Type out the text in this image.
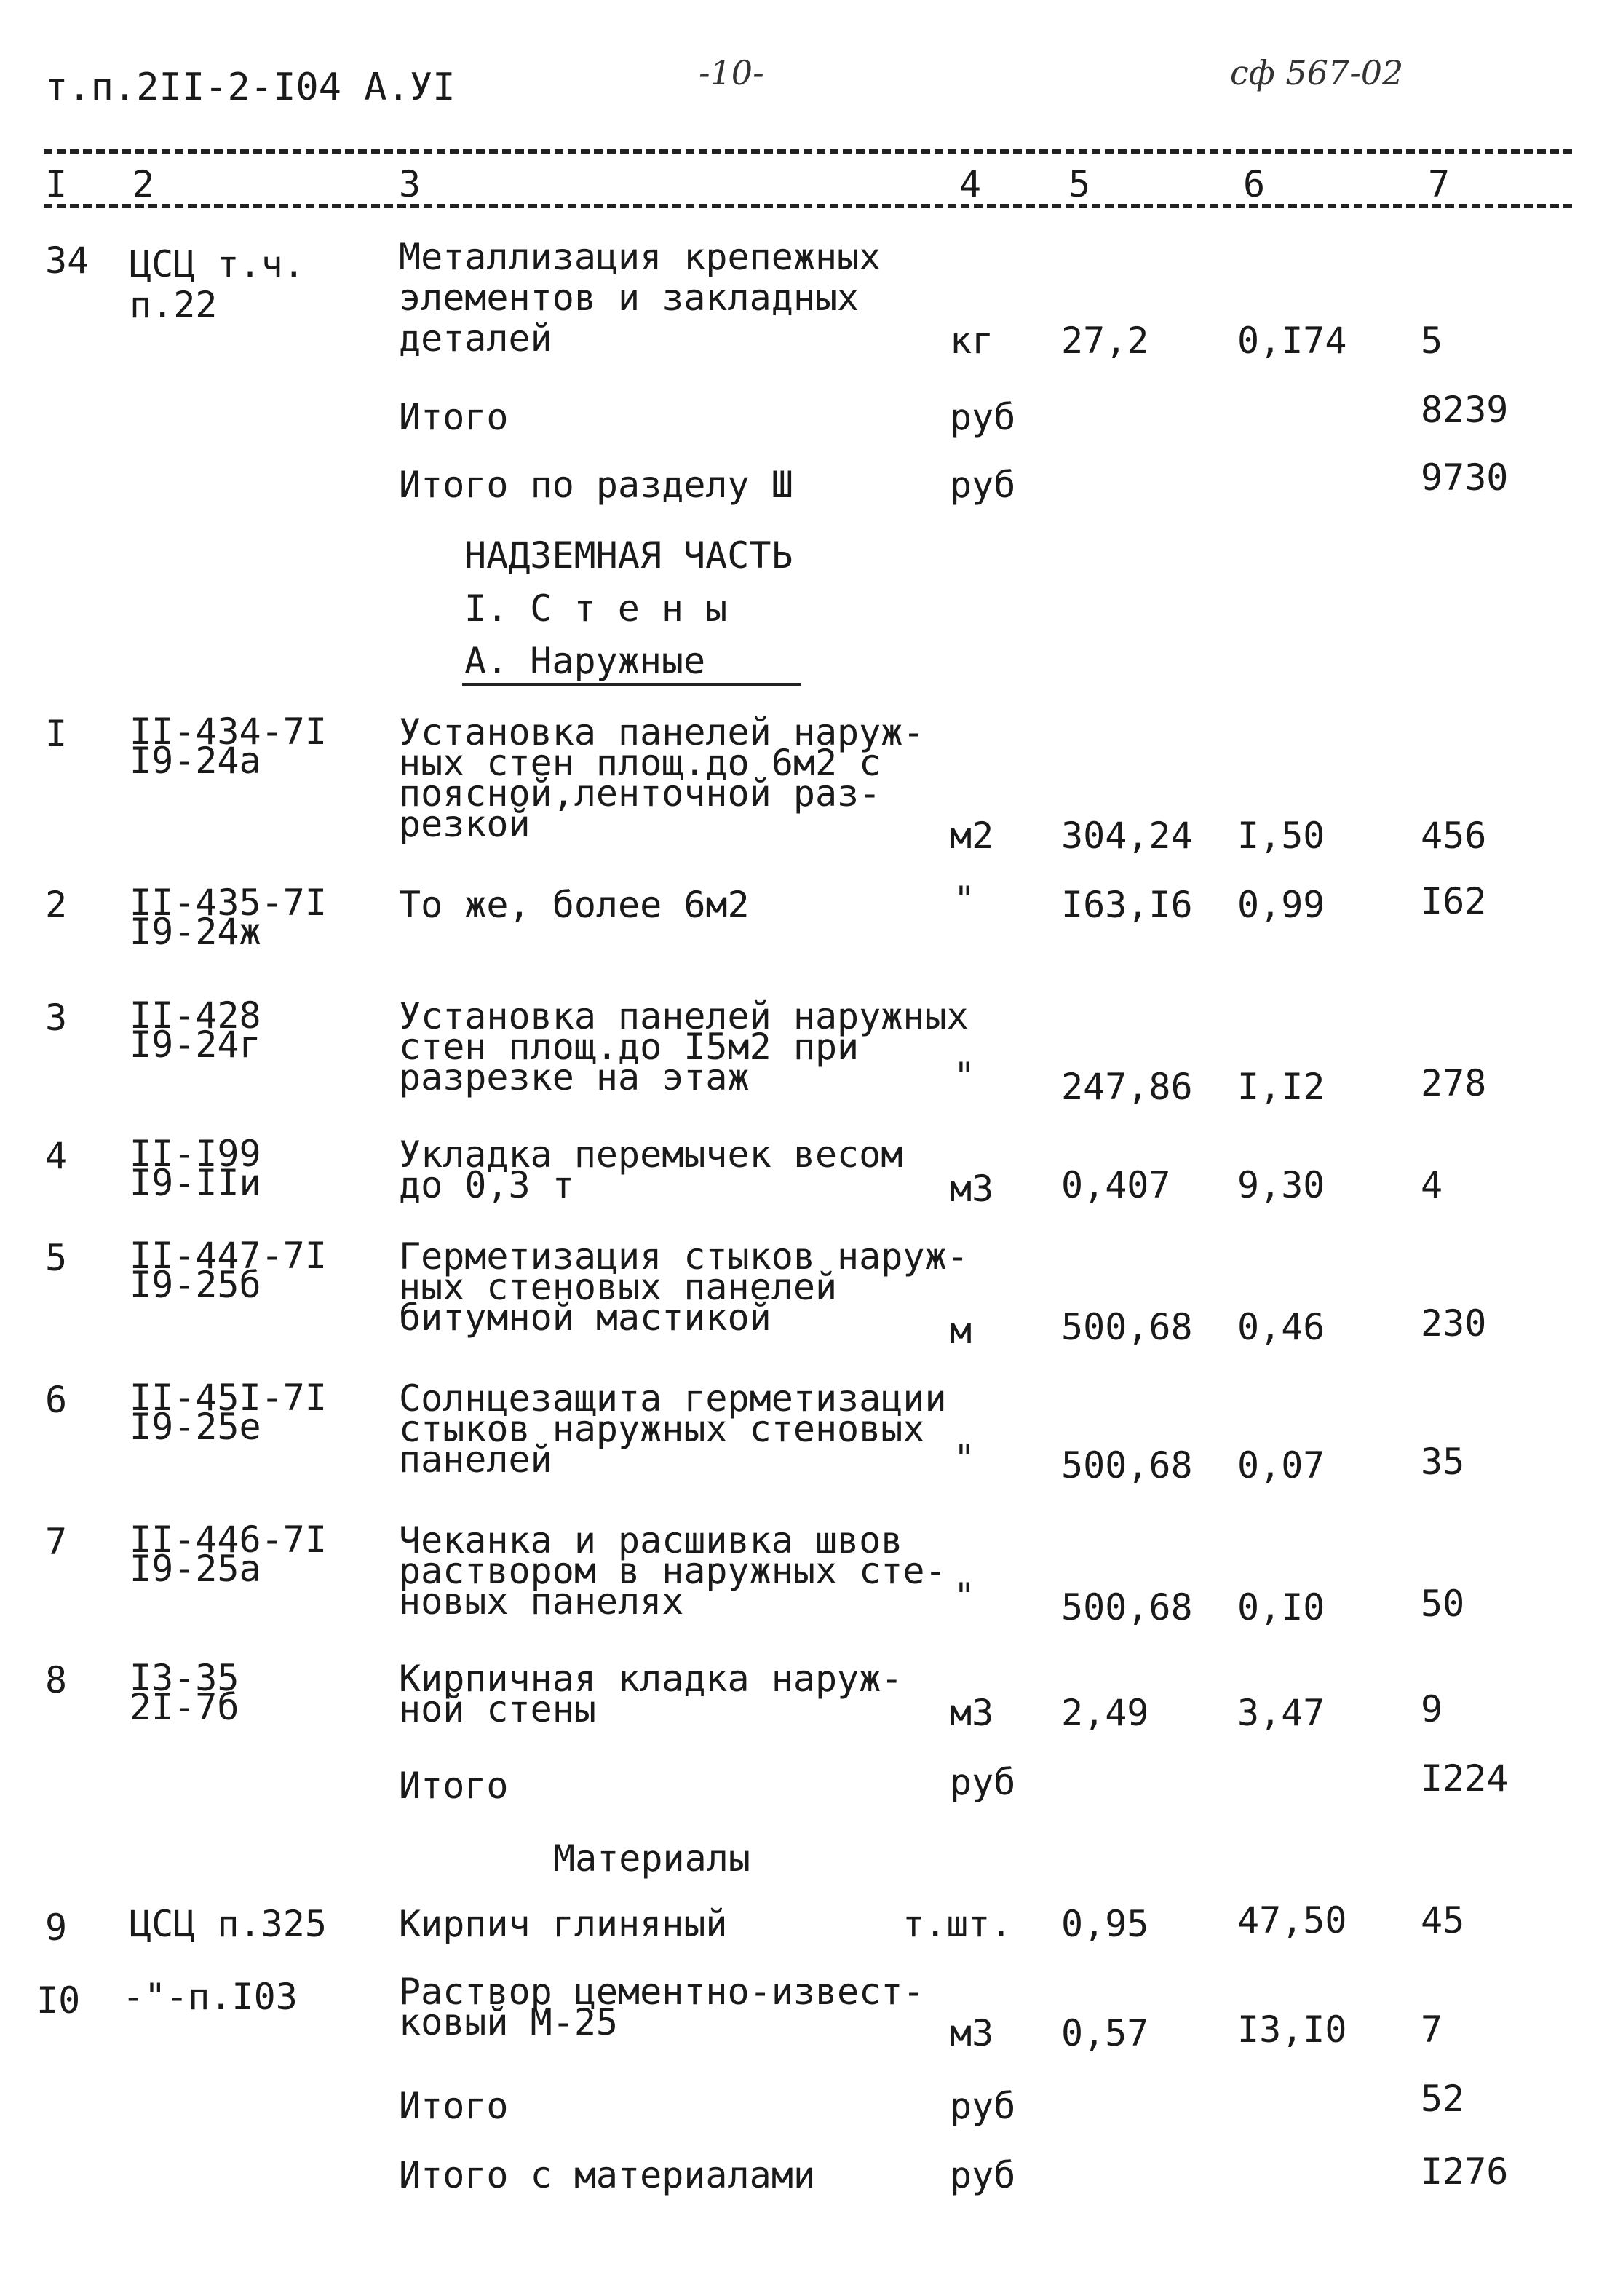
т.п.2II-2-I04 А.УI	-10-	сф 567-02
I 2	3	4 5	6	7
34 ЦСЦ т.ч.
п.22
Металлизация крепежных
элементов и закладных
деталей	кг 27,2 0,I74 5
Итого	руб	8239
Итого по разделу Ш	руб	9730
НАДЗЕМНАЯ ЧАСТЬ
I. С т е н ы
А. Наружные
I II-434-7I
I9-24а
Установка панелей наруж-
ных стен площ.до 6м2 с
поясной,ленточной раз-
резкой	м2 304,24 I,50	456
2 II-435-7I
I9-24ж
То же, более 6м2	" I63,I6 0,99	I62
3 II-428
I9-24г
Установка панелей наружных
стен площ.до I5м2 при
разрезке на этаж	" 247,86 I,I2	278
4 II-I99
I9-IIи
Укладка перемычек весом
до 0,3 т	м3 0,407 9,30	4
5 II-447-7I
I9-25б
Герметизация стыков наруж-
ных стеновых панелей
битумной мастикой	м 500,68 0,46	230
6 II-45I-7I
I9-25е
Солнцезащита герметизации
стыков наружных стеновых
панелей	" 500,68 0,07	35
7 II-446-7I
I9-25а
Чеканка и расшивка швов
раствором в наружных сте-
новых панелях	" 500,68 0,I0	50
8 I3-35
2I-7б
Кирпичная кладка наруж-
ной стены	м3 2,49 3,47	9
Итого	руб	I224
Материалы
9 ЦСЦ п.325 Кирпич глиняный	т.шт. 0,95 47,50 45
I0 -"-п.I03	Раствор цементно-извест-
ковый М-25	м3 0,57 I3,I0 7
Итого	руб	52
Итого с материалами	руб	I276
